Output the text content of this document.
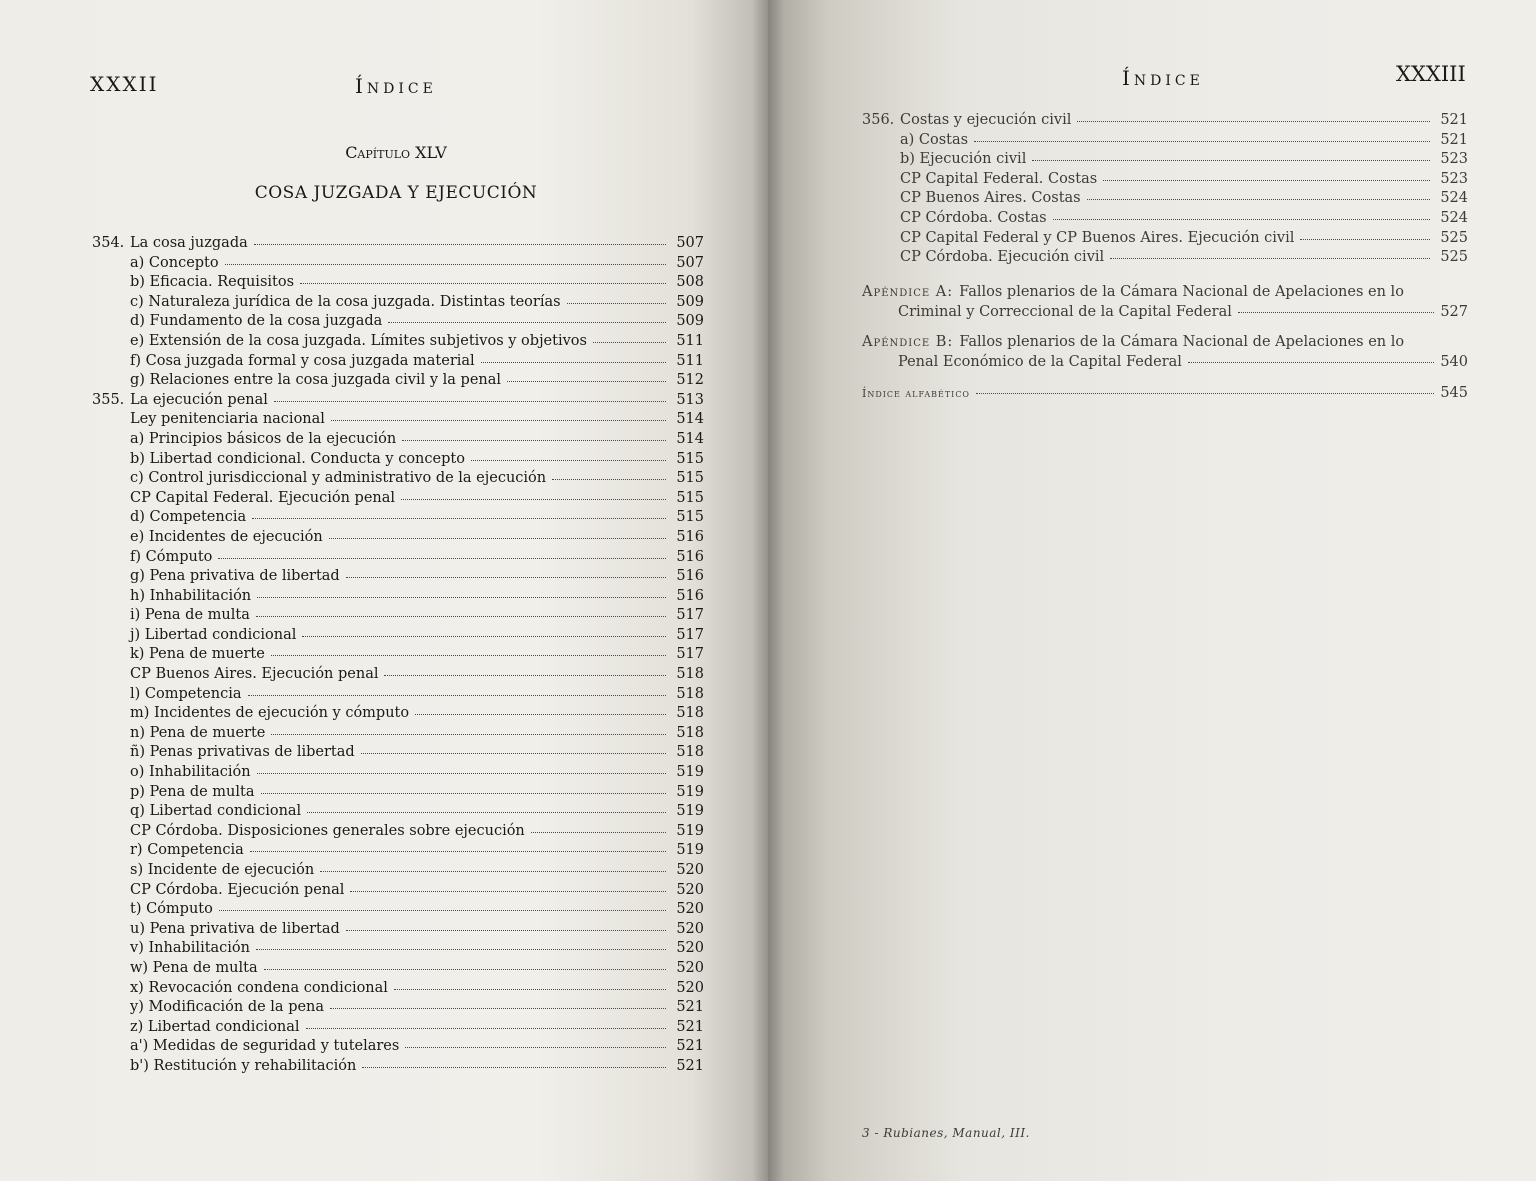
XXXII	Índice
Capítulo XLV
COSA JUZGADA Y EJECUCIÓN
354. La cosa juzgada	507
a) Concepto	507
b) Eficacia. Requisitos	508
c) Naturaleza jurídica de la cosa juzgada. Distintas teorías	509
d) Fundamento de la cosa juzgada	509
e) Extensión de la cosa juzgada. Límites subjetivos y objetivos	511
f) Cosa juzgada formal y cosa juzgada material	511
g) Relaciones entre la cosa juzgada civil y la penal	512
355. La ejecución penal	513
Ley penitenciaria nacional	514
a) Principios básicos de la ejecución	514
b) Libertad condicional. Conducta y concepto	515
c) Control jurisdiccional y administrativo de la ejecución	515
CP Capital Federal. Ejecución penal	515
d) Competencia	515
e) Incidentes de ejecución	516
f) Cómputo	516
g) Pena privativa de libertad	516
h) Inhabilitación	516
i) Pena de multa	517
j) Libertad condicional	517
k) Pena de muerte	517
CP Buenos Aires. Ejecución penal	518
l) Competencia	518
m) Incidentes de ejecución y cómputo	518
n) Pena de muerte	518
ñ) Penas privativas de libertad	518
o) Inhabilitación	519
p) Pena de multa	519
q) Libertad condicional	519
CP Córdoba. Disposiciones generales sobre ejecución	519
r) Competencia	519
s) Incidente de ejecución	520
CP Córdoba. Ejecución penal	520
t) Cómputo	520
u) Pena privativa de libertad	520
v) Inhabilitación	520
w) Pena de multa	520
x) Revocación condena condicional	520
y) Modificación de la pena	521
z) Libertad condicional	521
a') Medidas de seguridad y tutelares	521
b') Restitución y rehabilitación	521
Índice	XXXIII
356. Costas y ejecución civil	521
a) Costas	521
b) Ejecución civil	523
CP Capital Federal. Costas	523
CP Buenos Aires. Costas	524
CP Córdoba. Costas	524
CP Capital Federal y CP Buenos Aires. Ejecución civil	525
CP Córdoba. Ejecución civil	525
Apéndice A: Fallos plenarios de la Cámara Nacional de Apelaciones en lo
Criminal y Correccional de la Capital Federal	527
Apéndice B: Fallos plenarios de la Cámara Nacional de Apelaciones en lo
Penal Económico de la Capital Federal	540
Índice alfabético	545
3 - Rubianes, Manual, III.
